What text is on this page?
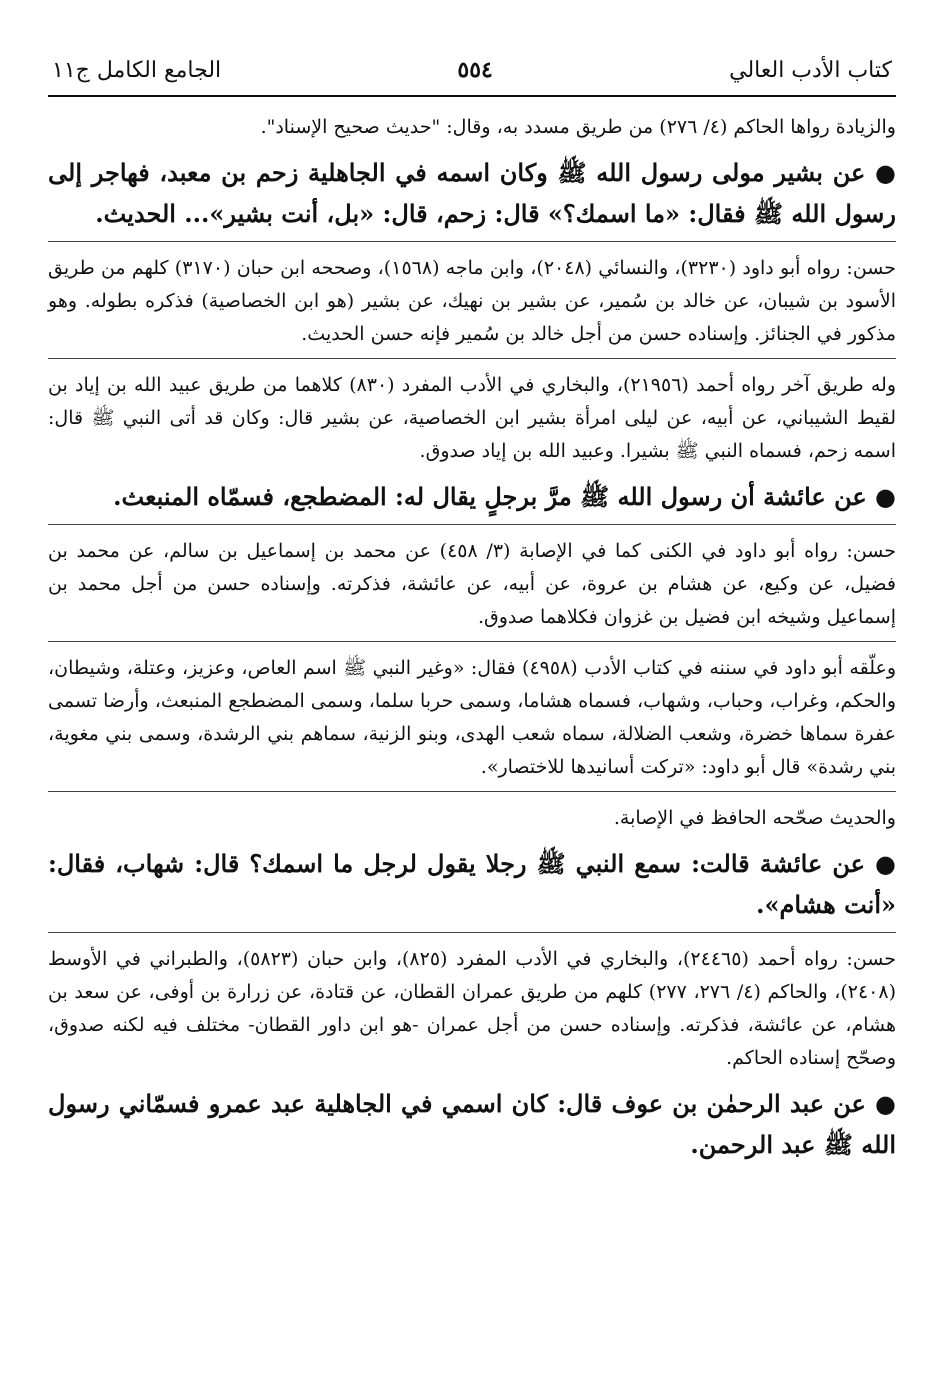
كتاب الأدب العالي
٥٥٤
الجامع الكامل ج١١

والزيادة رواها الحاكم (٤/ ٢٧٦) من طريق مسدد به، وقال: "حديث صحيح الإسناد".

● عن بشير مولى رسول الله ﷺ وكان اسمه في الجاهلية زحم بن معبد، فهاجر إلى رسول الله ﷺ فقال: «ما اسمك؟» قال: زحم، قال: «بل، أنت بشير»... الحديث.

حسن: رواه أبو داود (٣٢٣٠)، والنسائي (٢٠٤٨)، وابن ماجه (١٥٦٨)، وصححه ابن حبان (٣١٧٠) كلهم من طريق الأسود بن شيبان، عن خالد بن سُمير، عن بشير بن نهيك، عن بشير (هو ابن الخصاصية) فذكره بطوله. وهو مذكور في الجنائز. وإسناده حسن من أجل خالد بن سُمير فإنه حسن الحديث.

وله طريق آخر رواه أحمد (٢١٩٥٦)، والبخاري في الأدب المفرد (٨٣٠) كلاهما من طريق عبيد الله بن إياد بن لقيط الشيباني، عن أبيه، عن ليلى امرأة بشير ابن الخصاصية، عن بشير قال: وكان قد أتى النبي ﷺ قال: اسمه زحم، فسماه النبي ﷺ بشيرا. وعبيد الله بن إياد صدوق.

● عن عائشة أن رسول الله ﷺ مرَّ برجلٍ يقال له: المضطجع، فسمّاه المنبعث.

حسن: رواه أبو داود في الكنى كما في الإصابة (٣/ ٤٥٨) عن محمد بن إسماعيل بن سالم، عن محمد بن فضيل، عن وكيع، عن هشام بن عروة، عن أبيه، عن عائشة، فذكرته. وإسناده حسن من أجل محمد بن إسماعيل وشيخه ابن فضيل بن غزوان فكلاهما صدوق.

وعلّقه أبو داود في سننه في كتاب الأدب (٤٩٥٨) فقال: «وغير النبي ﷺ اسم العاص، وعزيز، وعتلة، وشيطان، والحكم، وغراب، وحباب، وشهاب، فسماه هشاما، وسمى حربا سلما، وسمى المضطجع المنبعث، وأرضا تسمى عفرة سماها خضرة، وشعب الضلالة، سماه شعب الهدى، وبنو الزنية، سماهم بني الرشدة، وسمى بني مغوية، بني رشدة» قال أبو داود: «تركت أسانيدها للاختصار».

والحديث صحّحه الحافظ في الإصابة.

● عن عائشة قالت: سمع النبي ﷺ رجلا يقول لرجل ما اسمك؟ قال: شهاب، فقال: «أنت هشام».

حسن: رواه أحمد (٢٤٤٦٥)، والبخاري في الأدب المفرد (٨٢٥)، وابن حبان (٥٨٢٣)، والطبراني في الأوسط (٢٤٠٨)، والحاكم (٤/ ٢٧٦، ٢٧٧) كلهم من طريق عمران القطان، عن قتادة، عن زرارة بن أوفى، عن سعد بن هشام، عن عائشة، فذكرته. وإسناده حسن من أجل عمران -هو ابن داور القطان- مختلف فيه لكنه صدوق، وصحّح إسناده الحاكم.

● عن عبد الرحمٰن بن عوف قال: كان اسمي في الجاهلية عبد عمرو فسمّاني رسول الله ﷺ عبد الرحمن.
